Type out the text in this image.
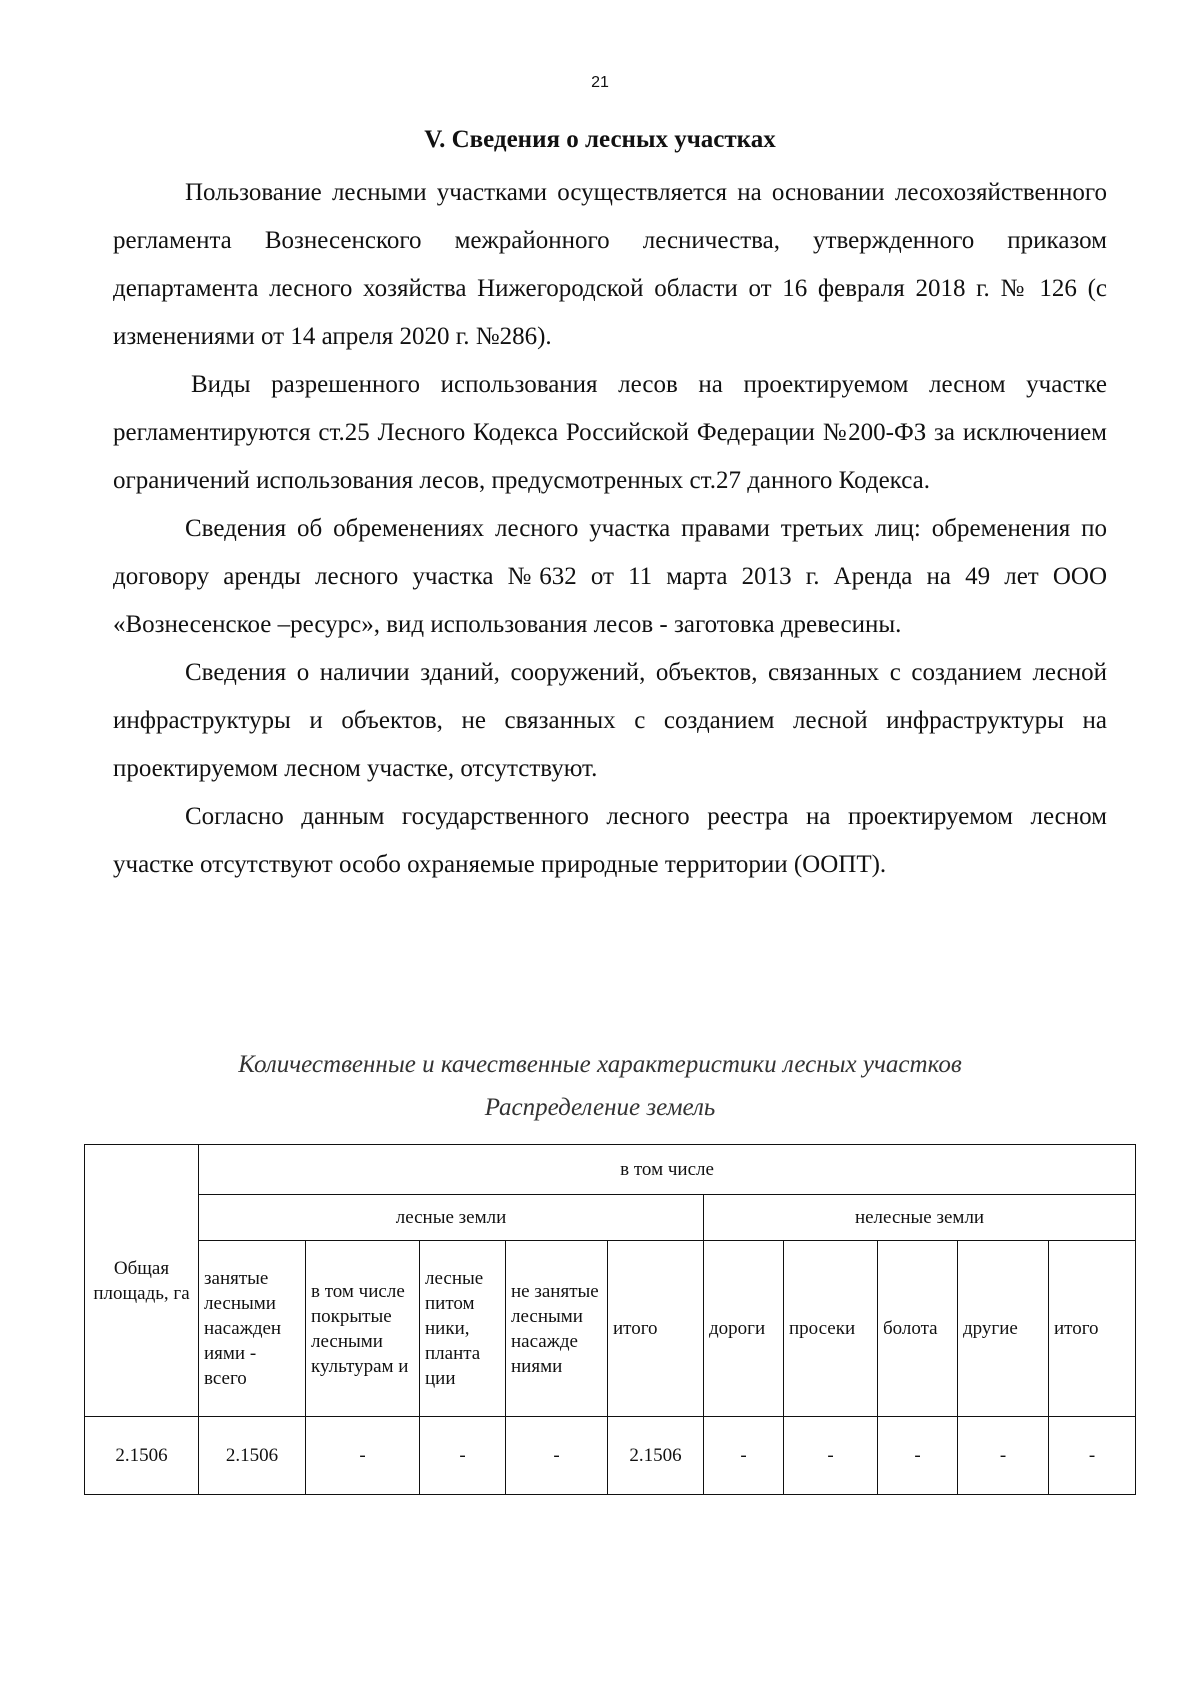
21
V. Сведения о лесных участках

Пользование лесными участками осуществляется на основании лесохозяйственного регламента Вознесенского межрайонного лесничества, утвержденного приказом департамента лесного хозяйства Нижегородской области от 16 февраля 2018 г. № 126 (с изменениями от 14 апреля 2020 г. №286).

Виды разрешенного использования лесов на проектируемом лесном участке регламентируются ст.25 Лесного Кодекса Российской Федерации №200-ФЗ за исключением ограничений использования лесов, предусмотренных ст.27 данного Кодекса.

Сведения об обременениях лесного участка правами третьих лиц: обременения по договору аренды лесного участка №632 от 11 марта 2013 г. Аренда на 49 лет ООО «Вознесенское –ресурс», вид использования лесов - заготовка древесины.

Сведения о наличии зданий, сооружений, объектов, связанных с созданием лесной инфраструктуры и объектов, не связанных с созданием лесной инфраструктуры на проектируемом лесном участке, отсутствуют.

Согласно данным государственного лесного реестра на проектируемом лесном участке отсутствуют особо охраняемые природные территории (ООПТ).

Количественные и качественные характеристики лесных участков
Распределение земель
Общая площадь, га	в том числе									
	лесные земли					нелесные земли				
	занятые лесными насажден иями - всего	в том числе покрытые лесными культурам и	лесные питом ники, планта ции	не занятые лесными насажде ниями	итого	дороги	просеки	болота	другие	итого
2.1506	2.1506	-	-	-	2.1506	-	-	-	-	-
